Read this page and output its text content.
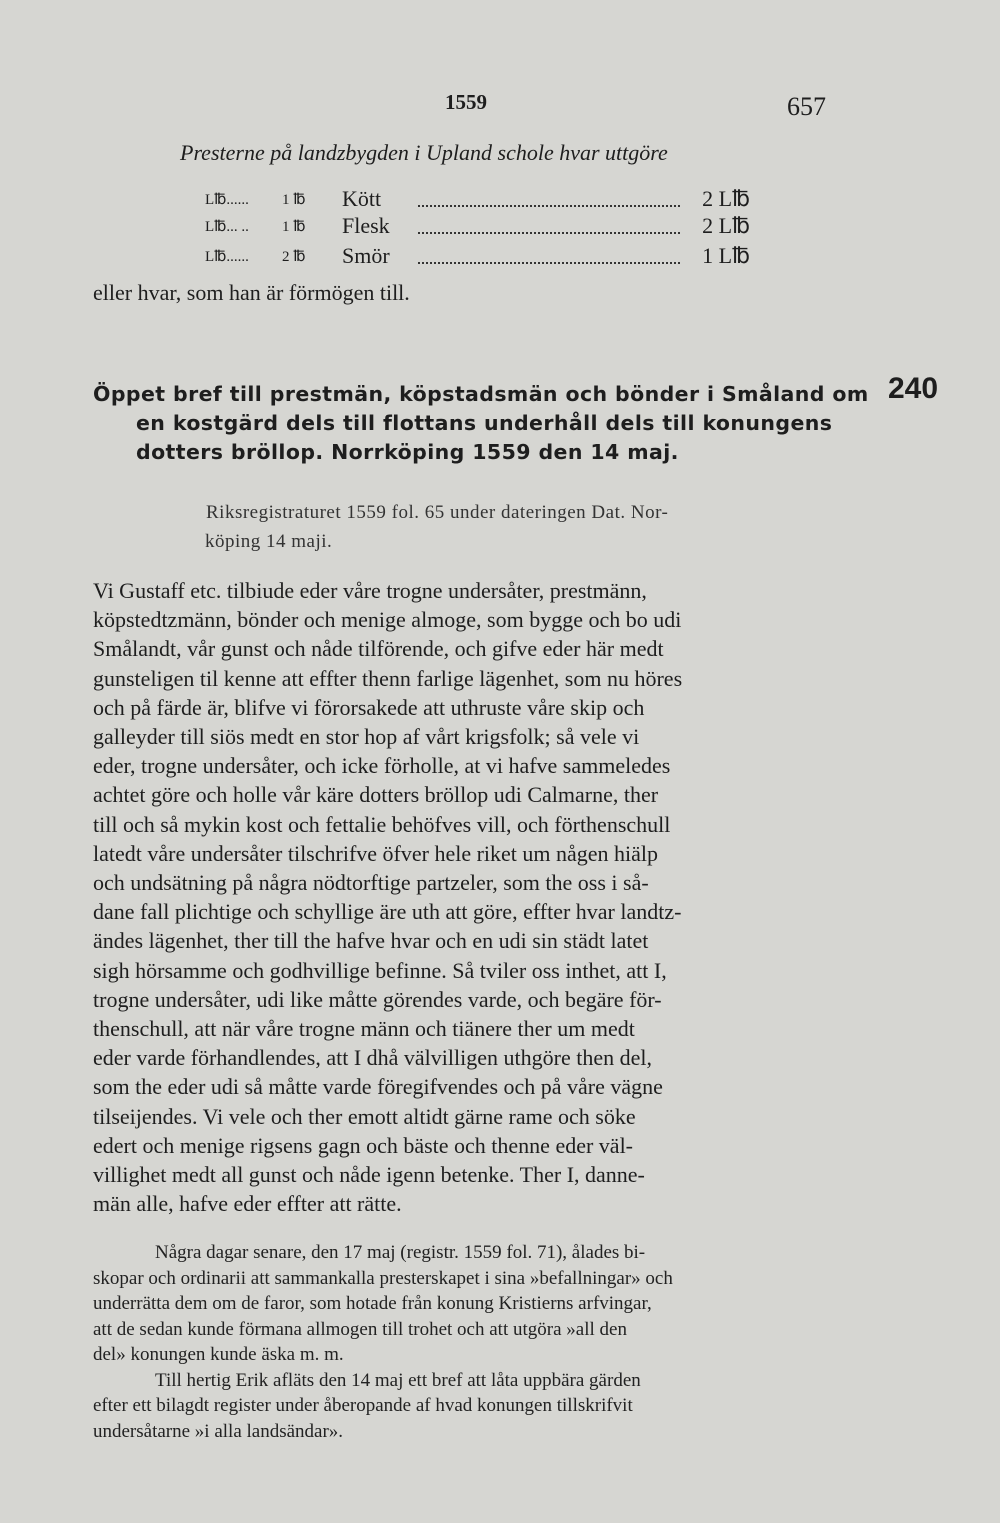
1559	657
Presterne på landzbygden i Upland schole hvar uttgöre
L℔...... 1 ℔ Kött	2 L℔
L℔... .. 1 ℔ Flesk	2 L℔
L℔...... 2 ℔ Smör	1 L℔
eller hvar, som han är förmögen till.
240
Öppet bref till prestmän, köpstadsmän och bönder i Småland om
en kostgärd dels till flottans underhåll dels till konungens
dotters bröllop. Norrköping 1559 den 14 maj.
Riksregistraturet 1559 fol. 65 under dateringen Dat. Nor-
köping 14 maji.
Vi Gustaff etc. tilbiude eder våre trogne undersåter, prestmänn,
köpstedtzmänn, bönder och menige almoge, som bygge och bo udi
Smålandt, vår gunst och nåde tilförende, och gifve eder här medt
gunsteligen til kenne att effter thenn farlige lägenhet, som nu höres
och på färde är, blifve vi förorsakede att uthruste våre skip och
galleyder till siös medt en stor hop af vårt krigsfolk; så vele vi
eder, trogne undersåter, och icke förholle, at vi hafve sammeledes
achtet göre och holle vår käre dotters bröllop udi Calmarne, ther
till och så mykin kost och fettalie behöfves vill, och förthenschull
latedt våre undersåter tilschrifve öfver hele riket um någen hiälp
och undsätning på några nödtorftige partzeler, som the oss i så-
dane fall plichtige och schyllige äre uth att göre, effter hvar landtz-
ändes lägenhet, ther till the hafve hvar och en udi sin städt latet
sigh hörsamme och godhvillige befinne. Så tviler oss inthet, att I,
trogne undersåter, udi like måtte görendes varde, och begäre för-
thenschull, att när våre trogne männ och tiänere ther um medt
eder varde förhandlendes, att I dhå välvilligen uthgöre then del,
som the eder udi så måtte varde föregifvendes och på våre vägne
tilseijendes. Vi vele och ther emott altidt gärne rame och söke
edert och menige rigsens gagn och bäste och thenne eder väl-
villighet medt all gunst och nåde igenn betenke. Ther I, danne-
män alle, hafve eder effter att rätte.
Några dagar senare, den 17 maj (registr. 1559 fol. 71), ålades bi-
skopar och ordinarii att sammankalla presterskapet i sina »befallningar» och
underrätta dem om de faror, som hotade från konung Kristierns arfvingar,
att de sedan kunde förmana allmogen till trohet och att utgöra »all den
del» konungen kunde äska m. m.
Till hertig Erik afläts den 14 maj ett bref att låta uppbära gärden
efter ett bilagdt register under åberopande af hvad konungen tillskrifvit
undersåtarne »i alla landsändar».
